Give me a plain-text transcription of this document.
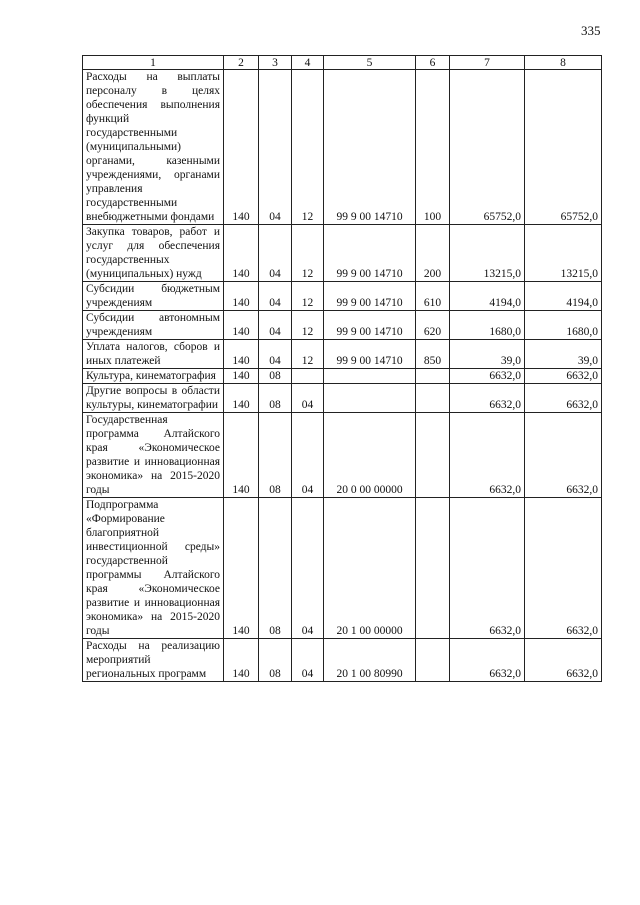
335
1	2	3	4	5	6	7	8
Расходы на выплаты персоналу в целях обеспечения выполнения функций государственными (муниципальными) органами, казенными учреждениями, органами управления государственными внебюджетными фондами	140	04	12	99 9 00 14710	100	65752,0	65752,0
Закупка товаров, работ и услуг для обеспечения государственных (муниципальных) нужд	140	04	12	99 9 00 14710	200	13215,0	13215,0
Субсидии бюджетным учреждениям	140	04	12	99 9 00 14710	610	4194,0	4194,0
Субсидии автономным учреждениям	140	04	12	99 9 00 14710	620	1680,0	1680,0
Уплата налогов, сборов и иных платежей	140	04	12	99 9 00 14710	850	39,0	39,0
Культура, кинематография	140	08				6632,0	6632,0
Другие вопросы в области культуры, кинематографии	140	08	04			6632,0	6632,0
Государственная программа Алтайского края «Экономическое развитие и инновационная экономика» на 2015-2020 годы	140	08	04	20 0 00 00000		6632,0	6632,0
Подпрограмма «Формирование благоприятной инвестиционной среды» государственной программы Алтайского края «Экономическое развитие и инновационная экономика» на 2015-2020 годы	140	08	04	20 1 00 00000		6632,0	6632,0
Расходы на реализацию мероприятий региональных программ	140	08	04	20 1 00 80990		6632,0	6632,0
